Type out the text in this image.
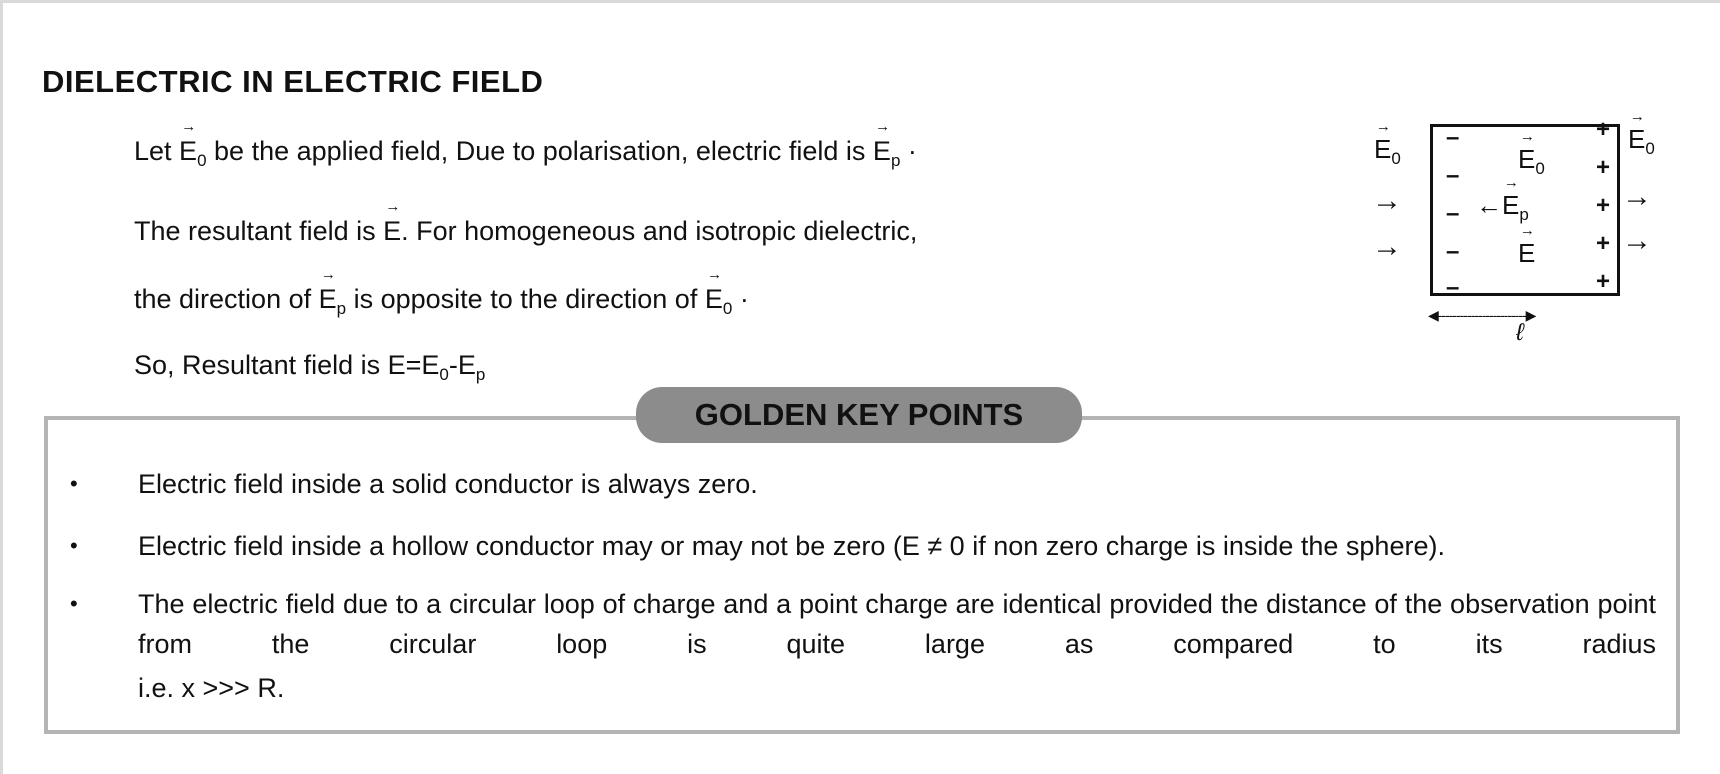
DIELECTRIC IN ELECTRIC FIELD
Let → $E_0$ be the applied field, Due to polarisation, electric field is → $E_p$ ·
The resultant field is → E. For homogeneous and isotropic dielectric,
the direction of → $E_p$ is opposite to the direction of → $E_0$ ·
So, Resultant field is $E=E_0-E_p$
→ $E_0$
→
→
–
–
–
–
–
→ $E_0$
←→ $E_p$
→ E
+
+
+
+
+
→ $E_0$
→
→
◀‐‐‐‐‐‐‐‐‐‐‐‐‐‐‐‐‐‐‐‐‐‐‐‐▶
ℓ
GOLDEN KEY POINTS
• Electric field inside a solid conductor is always zero.
• Electric field inside a hollow conductor may or may not be zero (E ≠ 0 if non zero charge is inside the sphere).
• The electric field due to a circular loop of charge and a point charge are identical provided the distance of the observation point from the circular loop is quite large as compared to its radius
i.e. x >>> R.
